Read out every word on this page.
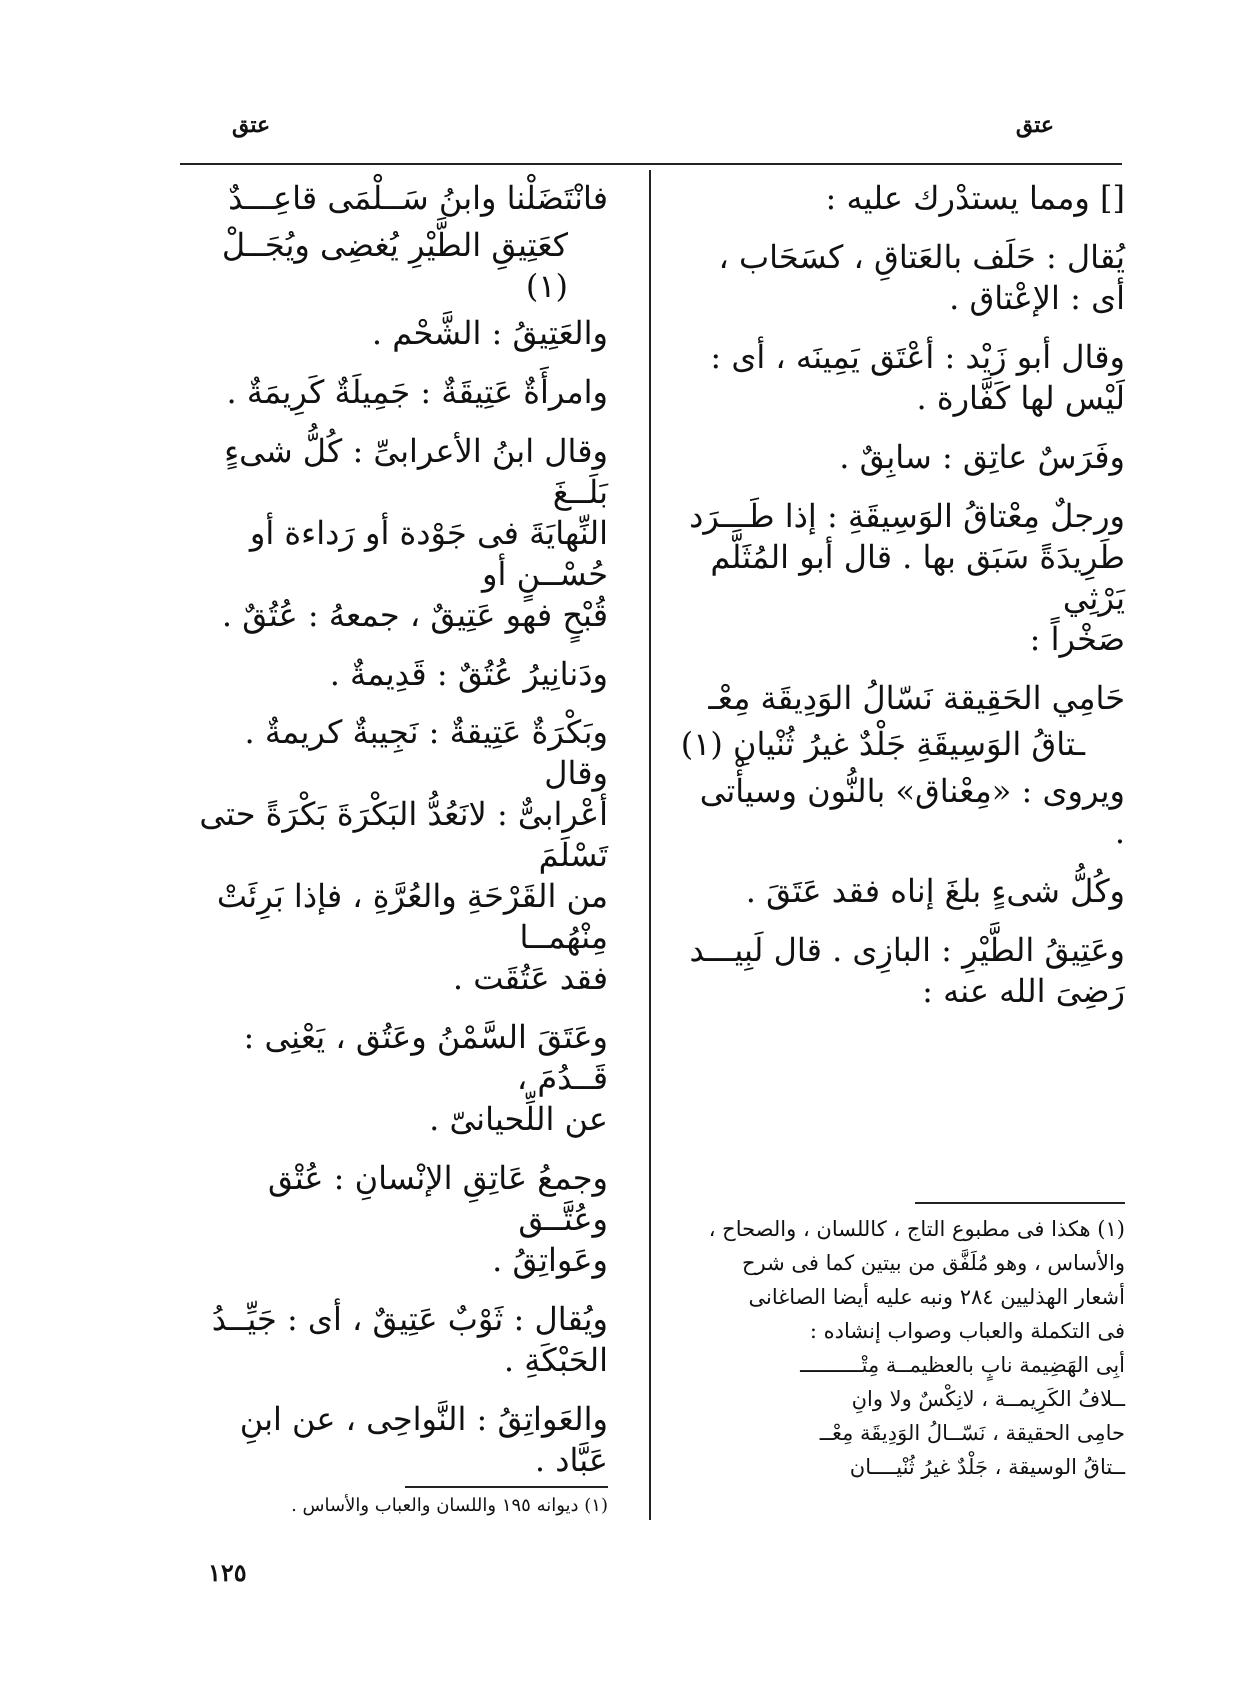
عتق
عتق

[] ومما يستدْرك عليه :

يُقال : حَلَف بالعَتاقِ ، كسَحَاب ،
أى : الإعْتاق .

وقال أبو زَيْد : أعْتَق يَمِينَه ، أى :
لَيْس لها كَفَّارة .

وفَرَسٌ عاتِق : سابِقٌ .

ورجلٌ مِعْتاقُ الوَسِيقَةِ : إذا طَـــرَد
طَرِيدَةً سَبَق بها . قال أبو المُثَلَّم يَرْثِي
صَخْراً :

حَامِي الحَقِيقة نَسّالُ الوَدِيقَة مِعْـ

ـتاقُ الوَسِيقَةِ جَلْدٌ غيرُ ثُنْيانِ (١)

ويروى : «مِعْناق» بالنُّون وسيأْتى .

وكُلُّ شىءٍ بلغَ إناه فقد عَتَقَ .

وعَتِيقُ الطَّيْرِ : البازِى . قال لَبِيـــد
رَضِىَ الله عنه :

(١) هكذا فى مطبوع التاج ، كاللسان ، والصحاح ،
والأساس ، وهو مُلَفَّق من بيتين كما فى شرح
أشعار الهذليين ٢٨٤ ونبه عليه أيضا الصاغانى
فى التكملة والعباب وصواب إنشاده :
أبِى الهَضِيمة نابٍ بالعظيمــة مِتْــــــــــ
ــلافُ الكَرِيمــة ، لانِكْسٌ ولا وانِ
حامِى الحقيقة ، نَسّــالُ الوَدِيقَة مِعْــ
ــتاقُ الوسيقة ، جَلْدٌ غيرُ ثُنْيــــان

فانْتَضَلْنا وابنُ سَــلْمَى قاعِـــدٌ

كعَتِيقِ الطَّيْرِ يُغضِى ويُجَــلْ (١)

والعَتِيقُ : الشَّحْم .

وامرأَةٌ عَتِيقَةٌ : جَمِيلَةٌ كَرِيمَةٌ .

وقال ابنُ الأعرابىِّ : كُلُّ شىءٍ بَلَــغَ
النِّهايَةَ فى جَوْدة أو رَداءة أو حُسْــنٍ أو
قُبْحٍ فهو عَتِيقٌ ، جمعهُ : عُتُقٌ .

ودَنانِيرُ عُتُقٌ : قَدِيمةٌ .

وبَكْرَةٌ عَتِيقةٌ : نَجِيبةٌ كريمةٌ . وقال
أعْرابىٌّ : لانَعُدُّ البَكْرَةَ بَكْرَةً حتى تَسْلَمَ
من القَرْحَةِ والعُرَّةِ ، فإذا بَرِئَتْ مِنْهُمــا
فقد عَتُقَت .

وعَتَقَ السَّمْنُ وعَتُق ، يَعْنِى : قَــدُمَ ،
عن اللِّحيانىّ .

وجمعُ عَاتِقِ الإنْسانِ : عُتْق وعُتَّــق
وعَواتِقُ .

ويُقال : ثَوْبٌ عَتِيقٌ ، أى : جَيِّــدُ
الحَبْكَةِ .

والعَواتِقُ : النَّواحِى ، عن ابنِ عَبَّاد .

(١) ديوانه ١٩٥ واللسان والعباب والأساس .
١٢٥
